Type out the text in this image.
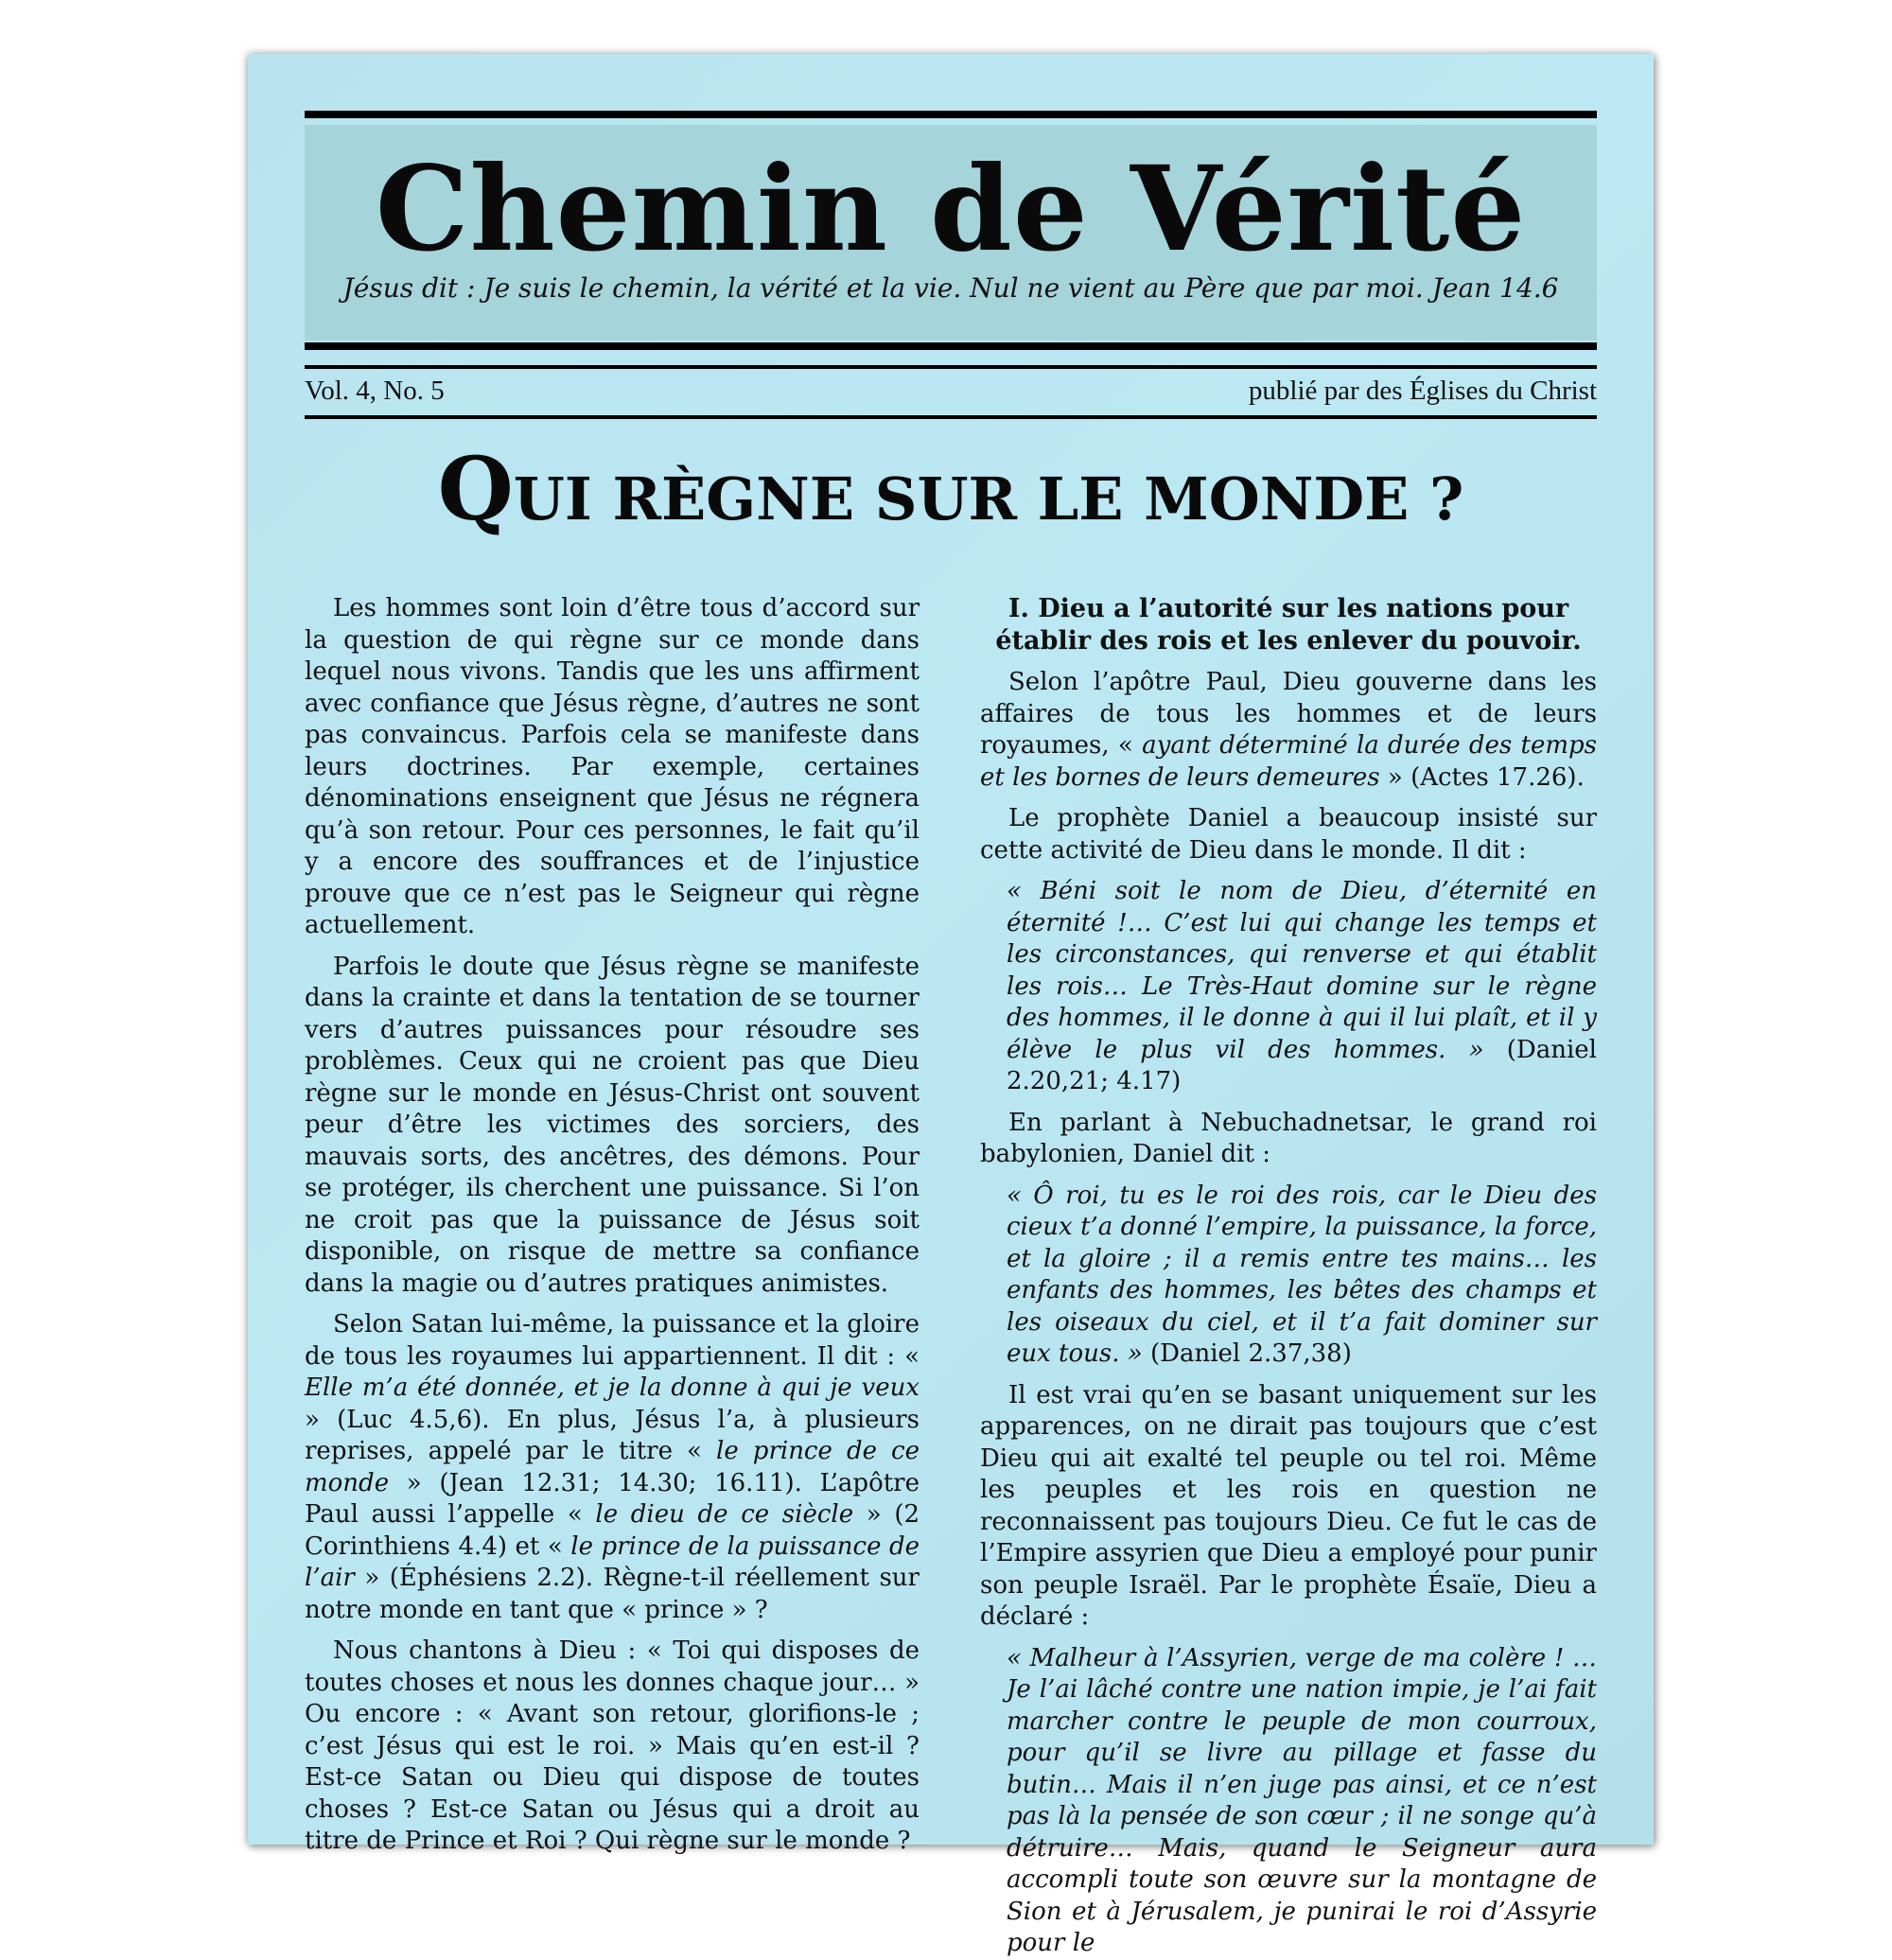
Chemin de Vérité
Jésus dit : Je suis le chemin, la vérité et la vie. Nul ne vient au Père que par moi. Jean 14.6
Vol. 4, No. 5	publié par des Églises du Christ
QUI RÈGNE SUR LE MONDE ?

Les hommes sont loin d’être tous d’accord sur la question de qui règne sur ce monde dans lequel nous vivons. Tandis que les uns affirment avec confiance que Jésus règne, d’autres ne sont pas convaincus. Parfois cela se manifeste dans leurs doctrines. Par exemple, certaines dénominations enseignent que Jésus ne régnera qu’à son retour. Pour ces personnes, le fait qu’il y a encore des souffrances et de l’injustice prouve que ce n’est pas le Seigneur qui règne actuellement.

Parfois le doute que Jésus règne se manifeste dans la crainte et dans la tentation de se tourner vers d’autres puissances pour résoudre ses problèmes. Ceux qui ne croient pas que Dieu règne sur le monde en Jésus-Christ ont souvent peur d’être les victimes des sorciers, des mauvais sorts, des ancêtres, des démons. Pour se protéger, ils cherchent une puissance. Si l’on ne croit pas que la puissance de Jésus soit disponible, on risque de mettre sa confiance dans la magie ou d’autres pratiques animistes.

Selon Satan lui-même, la puissance et la gloire de tous les royaumes lui appartiennent. Il dit : « Elle m’a été donnée, et je la donne à qui je veux » (Luc 4.5,6). En plus, Jésus l’a, à plusieurs reprises, appelé par le titre « le prince de ce monde » (Jean 12.31; 14.30; 16.11). L’apôtre Paul aussi l’appelle « le dieu de ce siècle » (2 Corinthiens 4.4) et « le prince de la puissance de l’air » (Éphésiens 2.2). Règne-t-il réellement sur notre monde en tant que « prince » ?

Nous chantons à Dieu : « Toi qui disposes de toutes choses et nous les donnes chaque jour… » Ou encore : « Avant son retour, glorifions-le ; c’est Jésus qui est le roi. » Mais qu’en est-il ? Est-ce Satan ou Dieu qui dispose de toutes choses ? Est-ce Satan ou Jésus qui a droit au titre de Prince et Roi ? Qui règne sur le monde ?

I. Dieu a l’autorité sur les nations pour établir des rois et les enlever du pouvoir.

Selon l’apôtre Paul, Dieu gouverne dans les affaires de tous les hommes et de leurs royaumes, « ayant déterminé la durée des temps et les bornes de leurs demeures » (Actes 17.26).

Le prophète Daniel a beaucoup insisté sur cette activité de Dieu dans le monde. Il dit :

« Béni soit le nom de Dieu, d’éternité en éternité !… C’est lui qui change les temps et les circonstances, qui renverse et qui établit les rois… Le Très-Haut domine sur le règne des hommes, il le donne à qui il lui plaît, et il y élève le plus vil des hommes. » (Daniel 2.20,21; 4.17)

En parlant à Nebuchadnetsar, le grand roi babylonien, Daniel dit :

« Ô roi, tu es le roi des rois, car le Dieu des cieux t’a donné l’empire, la puissance, la force, et la gloire ; il a remis entre tes mains… les enfants des hommes, les bêtes des champs et les oiseaux du ciel, et il t’a fait dominer sur eux tous. » (Daniel 2.37,38)

Il est vrai qu’en se basant uniquement sur les apparences, on ne dirait pas toujours que c’est Dieu qui ait exalté tel peuple ou tel roi. Même les peuples et les rois en question ne reconnaissent pas toujours Dieu. Ce fut le cas de l’Empire assyrien que Dieu a employé pour punir son peuple Israël. Par le prophète Ésaïe, Dieu a déclaré :

« Malheur à l’Assyrien, verge de ma colère ! … Je l’ai lâché contre une nation impie, je l’ai fait marcher contre le peuple de mon courroux, pour qu’il se livre au pillage et fasse du butin… Mais il n’en juge pas ainsi, et ce n’est pas là la pensée de son cœur ; il ne songe qu’à détruire… Mais, quand le Seigneur aura accompli toute son œuvre sur la montagne de Sion et à Jérusalem, je punirai le roi d’Assyrie pour le
